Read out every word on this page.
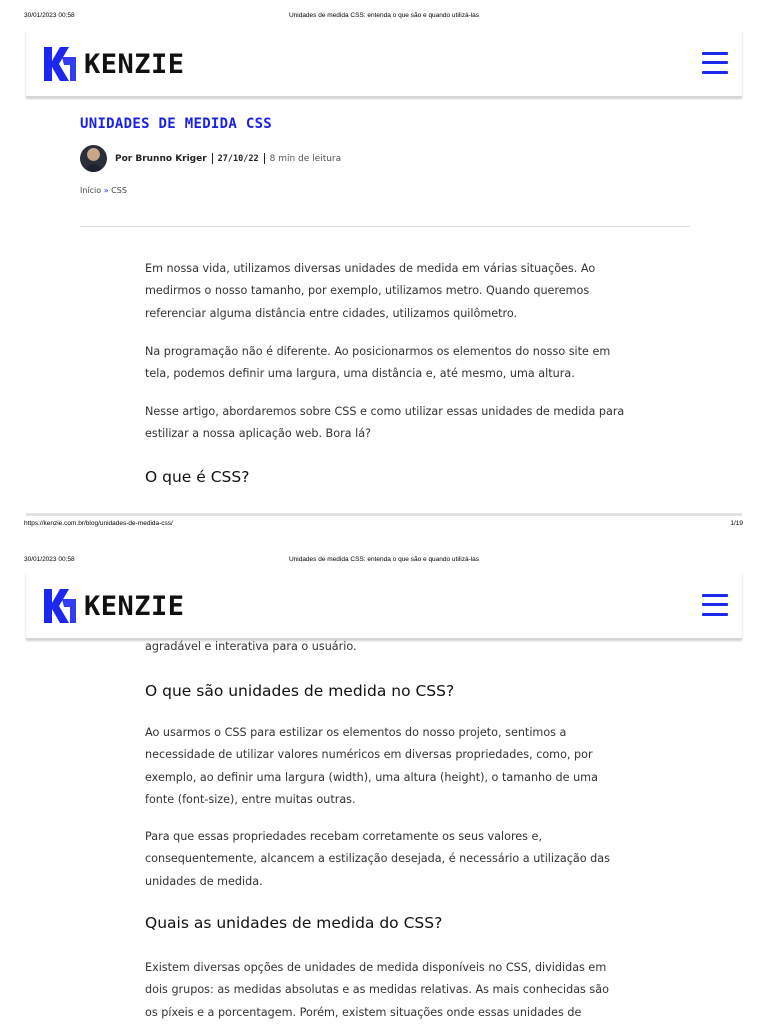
30/01/2023 00:58	Unidades de medida CSS: entenda o que são e quando utilizá-las
KENZIE
UNIDADES DE MEDIDA CSS
Por Brunno Kriger 27/10/22 8 min de leitura
Início » CSS

Em nossa vida, utilizamos diversas unidades de medida em várias situações. Ao medirmos o nosso tamanho, por exemplo, utilizamos metro. Quando queremos referenciar alguma distância entre cidades, utilizamos quilômetro.

Na programação não é diferente. Ao posicionarmos os elementos do nosso site em tela, podemos definir uma largura, uma distância e, até mesmo, uma altura.

Nesse artigo, abordaremos sobre CSS e como utilizar essas unidades de medida para estilizar a nossa aplicação web. Bora lá?

O que é CSS?
https://kenzie.com.br/blog/unidades-de-medida-css/	1/19
30/01/2023 00:58	Unidades de medida CSS: entenda o que são e quando utilizá-las

agradável e interativa para o usuário.

KENZIE
O que são unidades de medida no CSS?

Ao usarmos o CSS para estilizar os elementos do nosso projeto, sentimos a necessidade de utilizar valores numéricos em diversas propriedades, como, por exemplo, ao definir uma largura (width), uma altura (height), o tamanho de uma fonte (font-size), entre muitas outras.

Para que essas propriedades recebam corretamente os seus valores e, consequentemente, alcancem a estilização desejada, é necessário a utilização das unidades de medida.

Quais as unidades de medida do CSS?

Existem diversas opções de unidades de medida disponíveis no CSS, divididas em dois grupos: as medidas absolutas e as medidas relativas. As mais conhecidas são os píxeis e a porcentagem. Porém, existem situações onde essas unidades de
